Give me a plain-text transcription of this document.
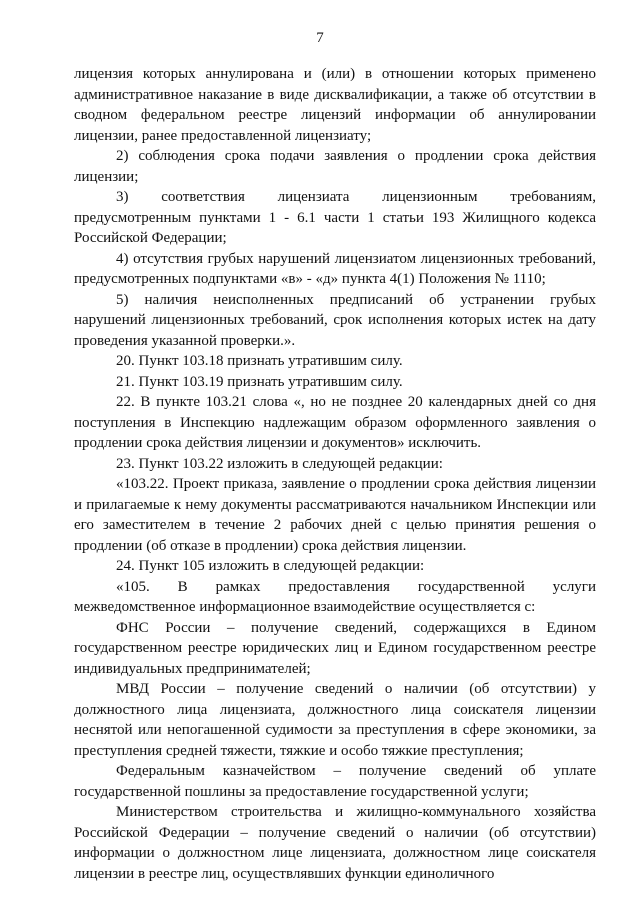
7

лицензия которых аннулирована и (или) в отношении которых применено административное наказание в виде дисквалификации, а также об отсутствии в сводном федеральном реестре лицензий информации об аннулировании лицензии, ранее предоставленной лицензиату;

2) соблюдения срока подачи заявления о продлении срока действия лицензии;

3) соответствия лицензиата лицензионным требованиям, предусмотренным пунктами 1 - 6.1 части 1 статьи 193 Жилищного кодекса Российской Федерации;

4) отсутствия грубых нарушений лицензиатом лицензионных требований, предусмотренных подпунктами «в» - «д» пункта 4(1) Положения № 1110;

5) наличия неисполненных предписаний об устранении грубых нарушений лицензионных требований, срок исполнения которых истек на дату проведения указанной проверки.».

20. Пункт 103.18 признать утратившим силу.

21. Пункт 103.19 признать утратившим силу.

22. В пункте 103.21 слова «, но не позднее 20 календарных дней со дня поступления в Инспекцию надлежащим образом оформленного заявления о продлении срока действия лицензии и документов» исключить.

23. Пункт 103.22 изложить в следующей редакции:

«103.22. Проект приказа, заявление о продлении срока действия лицензии и прилагаемые к нему документы рассматриваются начальником Инспекции или его заместителем в течение 2 рабочих дней с целью принятия решения о продлении (об отказе в продлении) срока действия лицензии.

24. Пункт 105 изложить в следующей редакции:

«105. В рамках предоставления государственной услуги межведомственное информационное взаимодействие осуществляется с:

ФНС России – получение сведений, содержащихся в Едином государственном реестре юридических лиц и Едином государственном реестре индивидуальных предпринимателей;

МВД России – получение сведений о наличии (об отсутствии) у должностного лица лицензиата, должностного лица соискателя лицензии неснятой или непогашенной судимости за преступления в сфере экономики, за преступления средней тяжести, тяжкие и особо тяжкие преступления;

Федеральным казначейством – получение сведений об уплате государственной пошлины за предоставление государственной услуги;

Министерством строительства и жилищно-коммунального хозяйства Российской Федерации – получение сведений о наличии (об отсутствии) информации о должностном лице лицензиата, должностном лице соискателя лицензии в реестре лиц, осуществлявших функции единоличного
